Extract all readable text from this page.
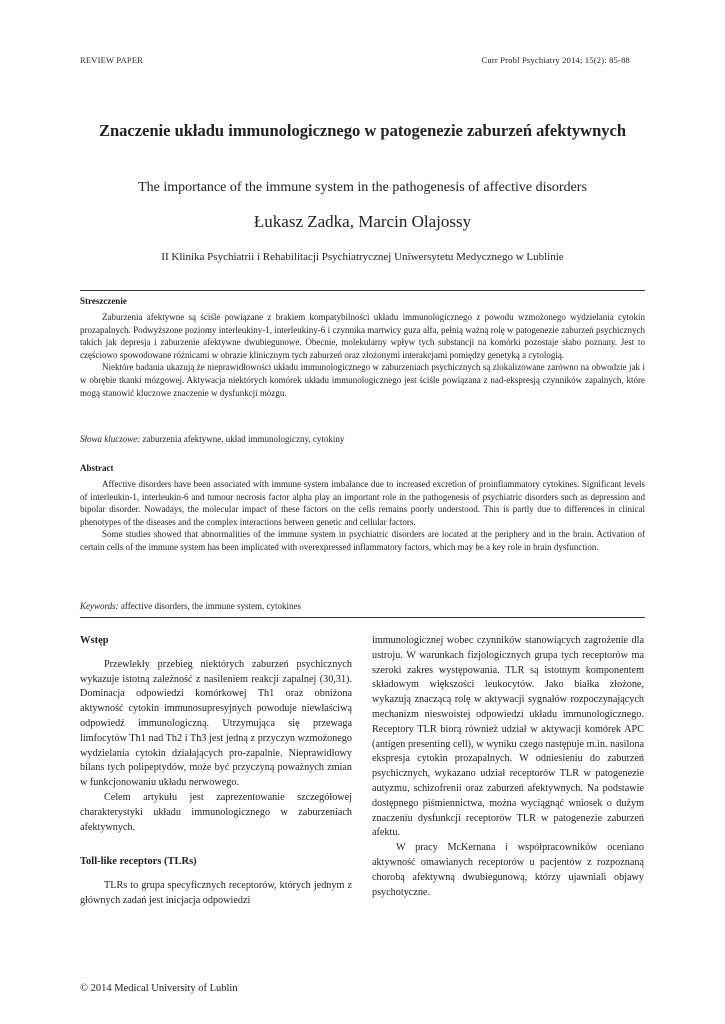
REVIEW PAPER	Curr Probl Psychiatry 2014; 15(2): 85-88
Znaczenie układu immunologicznego w patogenezie zaburzeń afektywnych
The importance of the immune system in the pathogenesis of affective disorders
Łukasz Zadka, Marcin Olajossy
II Klinika Psychiatrii i Rehabilitacji Psychiatrycznej Uniwersytetu Medycznego w Lublinie
Streszczenie

Zaburzenia afektywne są ściśle powiązane z brakiem kompatybilności układu immunologicznego z powodu wzmożonego wydzielania cytokin prozapalnych. Podwyższone poziomy interleukiny-1, interleukiny-6 i czynnika martwicy guza alfa, pełnią ważną rolę w patogenezie zaburzeń psychicznych takich jak depresja i zaburzenie afektywne dwubiegunowe. Obecnie, molekularny wpływ tych substancji na komórki pozostaje słabo poznany. Jest to częściowo spowodowane różnicami w obrazie klinicznym tych zaburzeń oraz złożonymi interakcjami pomiędzy genetyką a cytologią.

Niektóre badania ukazują że nieprawidłowości układu immunologicznego w zaburzeniach psychicznych są zlokalizowane zarówno na obwodzie jak i w obrębie tkanki mózgowej. Aktywacja niektórych komórek układu immunologicznego jest ściśle powiązana z nad-ekspresją czynników zapalnych, które mogą stanowić kluczowe znaczenie w dysfunkcji mózgu.

Słowa kluczowe: zaburzenia afektywne, układ immunologiczny, cytokiny
Abstract

Affective disorders have been associated with immune system imbalance due to increased excretion of proinflammatory cytokines. Significant levels of interleukin-1, interleukin-6 and tumour necrosis factor alpha play an important role in the pathogenesis of psychiatric disorders such as depression and bipolar disorder. Nowadays, the molecular impact of these factors on the cells remains poorly understood. This is partly due to differences in clinical phenotypes of the diseases and the complex interactions between genetic and cellular factors.

Some studies showed that abnormalities of the immune system in psychiatric disorders are located at the periphery and in the brain. Activation of certain cells of the immune system has been implicated with overexpressed inflammatory factors, which may be a key role in brain dysfunction.

Keywords: affective disorders, the immune system, cytokines
Wstęp

Przewlekły przebieg niektórych zaburzeń psychicznych wykazuje istotną zależność z nasileniem reakcji zapalnej (30,31). Dominacja odpowiedzi komórkowej Th1 oraz obniżona aktywność cytokin immunosupresyjnych powoduje niewłaściwą odpowiedź immunologiczną. Utrzymująca się przewaga limfocytów Th1 nad Th2 i Th3 jest jedną z przyczyn wzmożonego wydzielania cytokin działających pro-zapalnie. Nieprawidłowy bilans tych polipeptydów, może być przyczyną poważnych zmian w funkcjonowaniu układu nerwowego.

Celem artykułu jest zaprezentowanie szczegółowej charakterystyki układu immunologicznego w zaburzeniach afektywnych.

Toll-like receptors (TLRs)

TLRs to grupa specyficznych receptorów, których jednym z głównych zadań jest inicjacja odpowiedzi

immunologicznej wobec czynników stanowiących zagrożenie dla ustroju. W warunkach fizjologicznych grupa tych receptorów ma szeroki zakres występowania. TLR są istotnym komponentem składowym większości leukocytów. Jako białka złożone, wykazują znaczącą rolę w aktywacji sygnałów rozpoczynających mechanizm nieswoistej odpowiedzi układu immunologicznego. Receptory TLR biorą również udział w aktywacji komórek APC (antigen presenting cell), w wyniku czego następuje m.in. nasilona ekspresja cytokin prozapalnych. W odniesieniu do zaburzeń psychicznych, wykazano udział receptorów TLR w patogenezie autyzmu, schizofrenii oraz zaburzeń afektywnych. Na podstawie dostępnego piśmiennictwa, można wyciągnąć wniosek o dużym znaczeniu dysfunkcji receptorów TLR w patogenezie zaburzeń afektu.

W pracy McKernana i współpracowników oceniano aktywność omawianych receptorów u pacjentów z rozpoznaną chorobą afektywną dwubiegunową, którzy ujawniali objawy psychotyczne.

© 2014 Medical University of Lublin
